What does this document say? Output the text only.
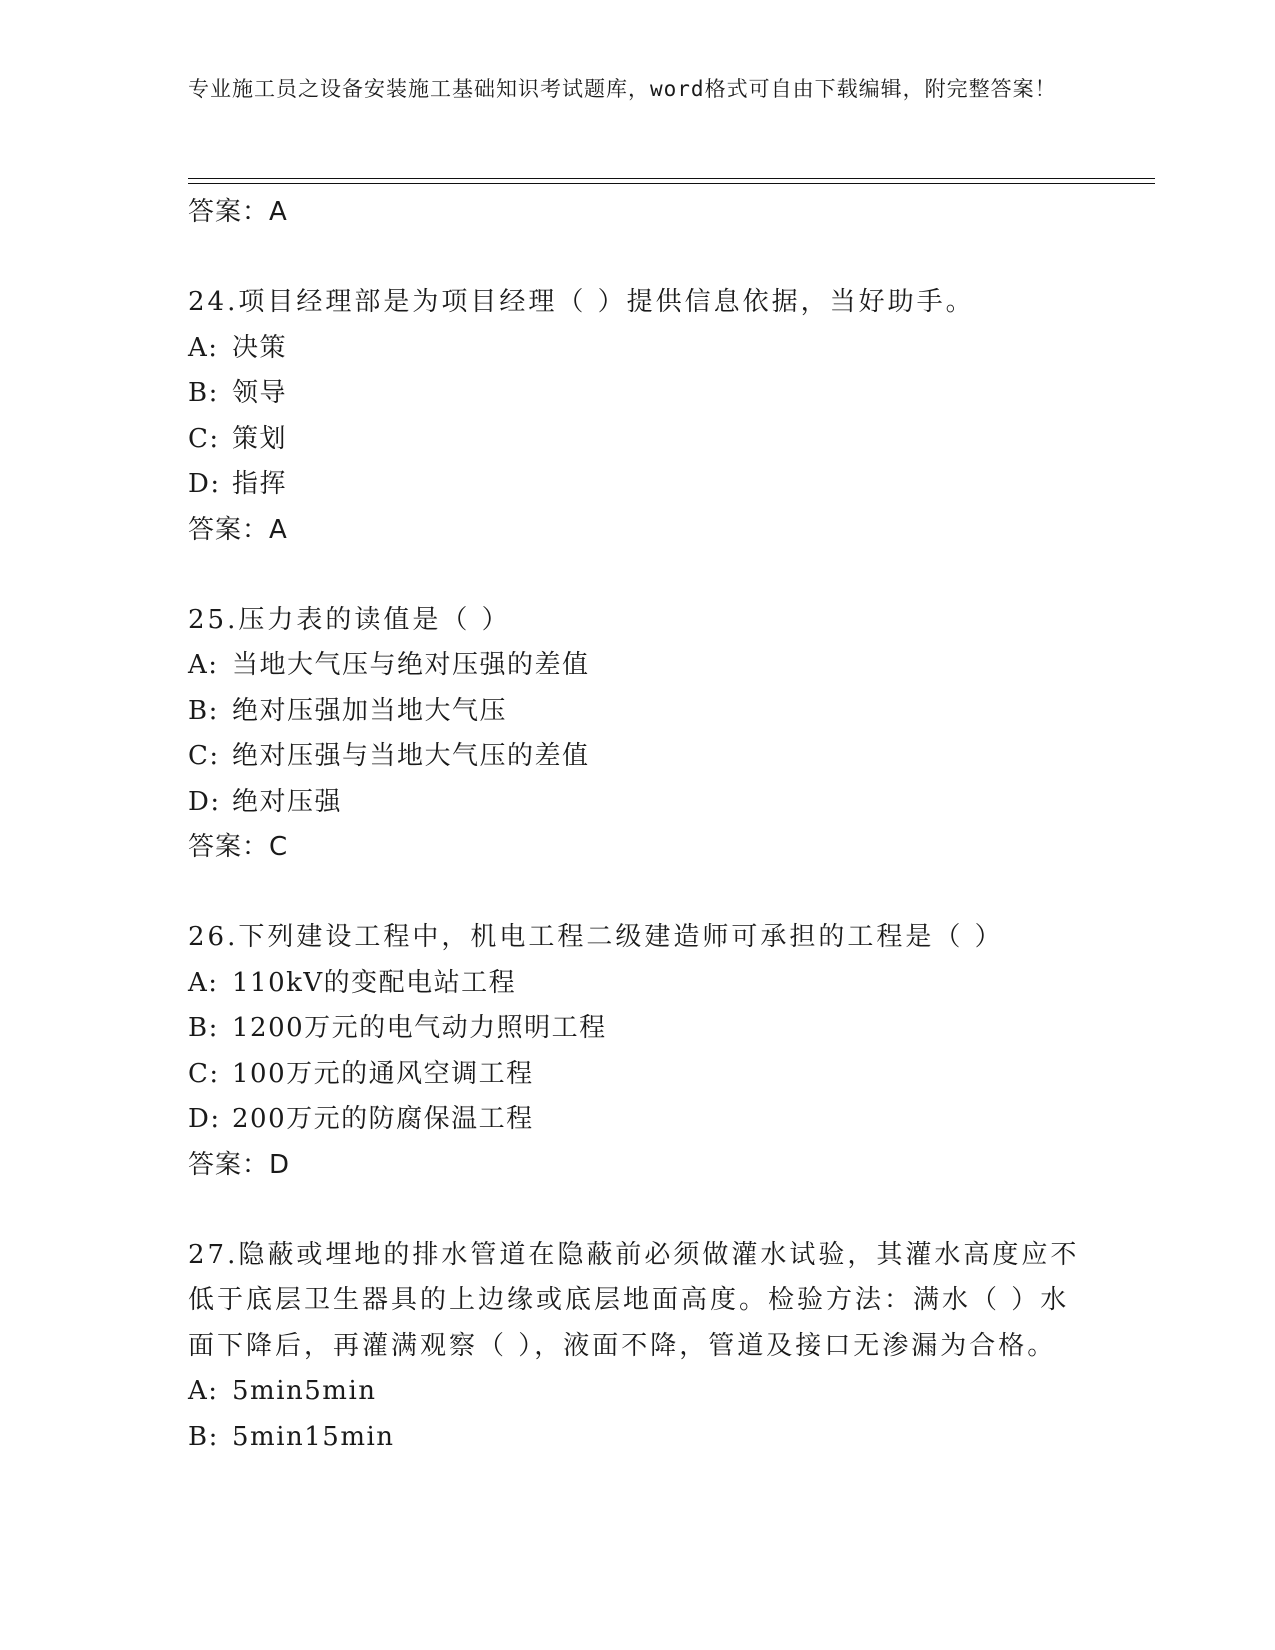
专业施工员之设备安装施工基础知识考试题库，word格式可自由下载编辑，附完整答案！
答案：A
24.项目经理部是为项目经理（ ）提供信息依据，当好助手。
A: 决策
B: 领导
C: 策划
D: 指挥
答案：A
25.压力表的读值是（ ）
A: 当地大气压与绝对压强的差值
B: 绝对压强加当地大气压
C: 绝对压强与当地大气压的差值
D: 绝对压强
答案：C
26.下列建设工程中，机电工程二级建造师可承担的工程是（ ）
A: 110kV的变配电站工程
B: 1200万元的电气动力照明工程
C: 100万元的通风空调工程
D: 200万元的防腐保温工程
答案：D
27.隐蔽或埋地的排水管道在隐蔽前必须做灌水试验，其灌水高度应不低于底层卫生器具的上边缘或底层地面高度。检验方法：满水（ ）水面下降后，再灌满观察（ ），液面不降，管道及接口无渗漏为合格。
A: 5min5min
B: 5min15min
